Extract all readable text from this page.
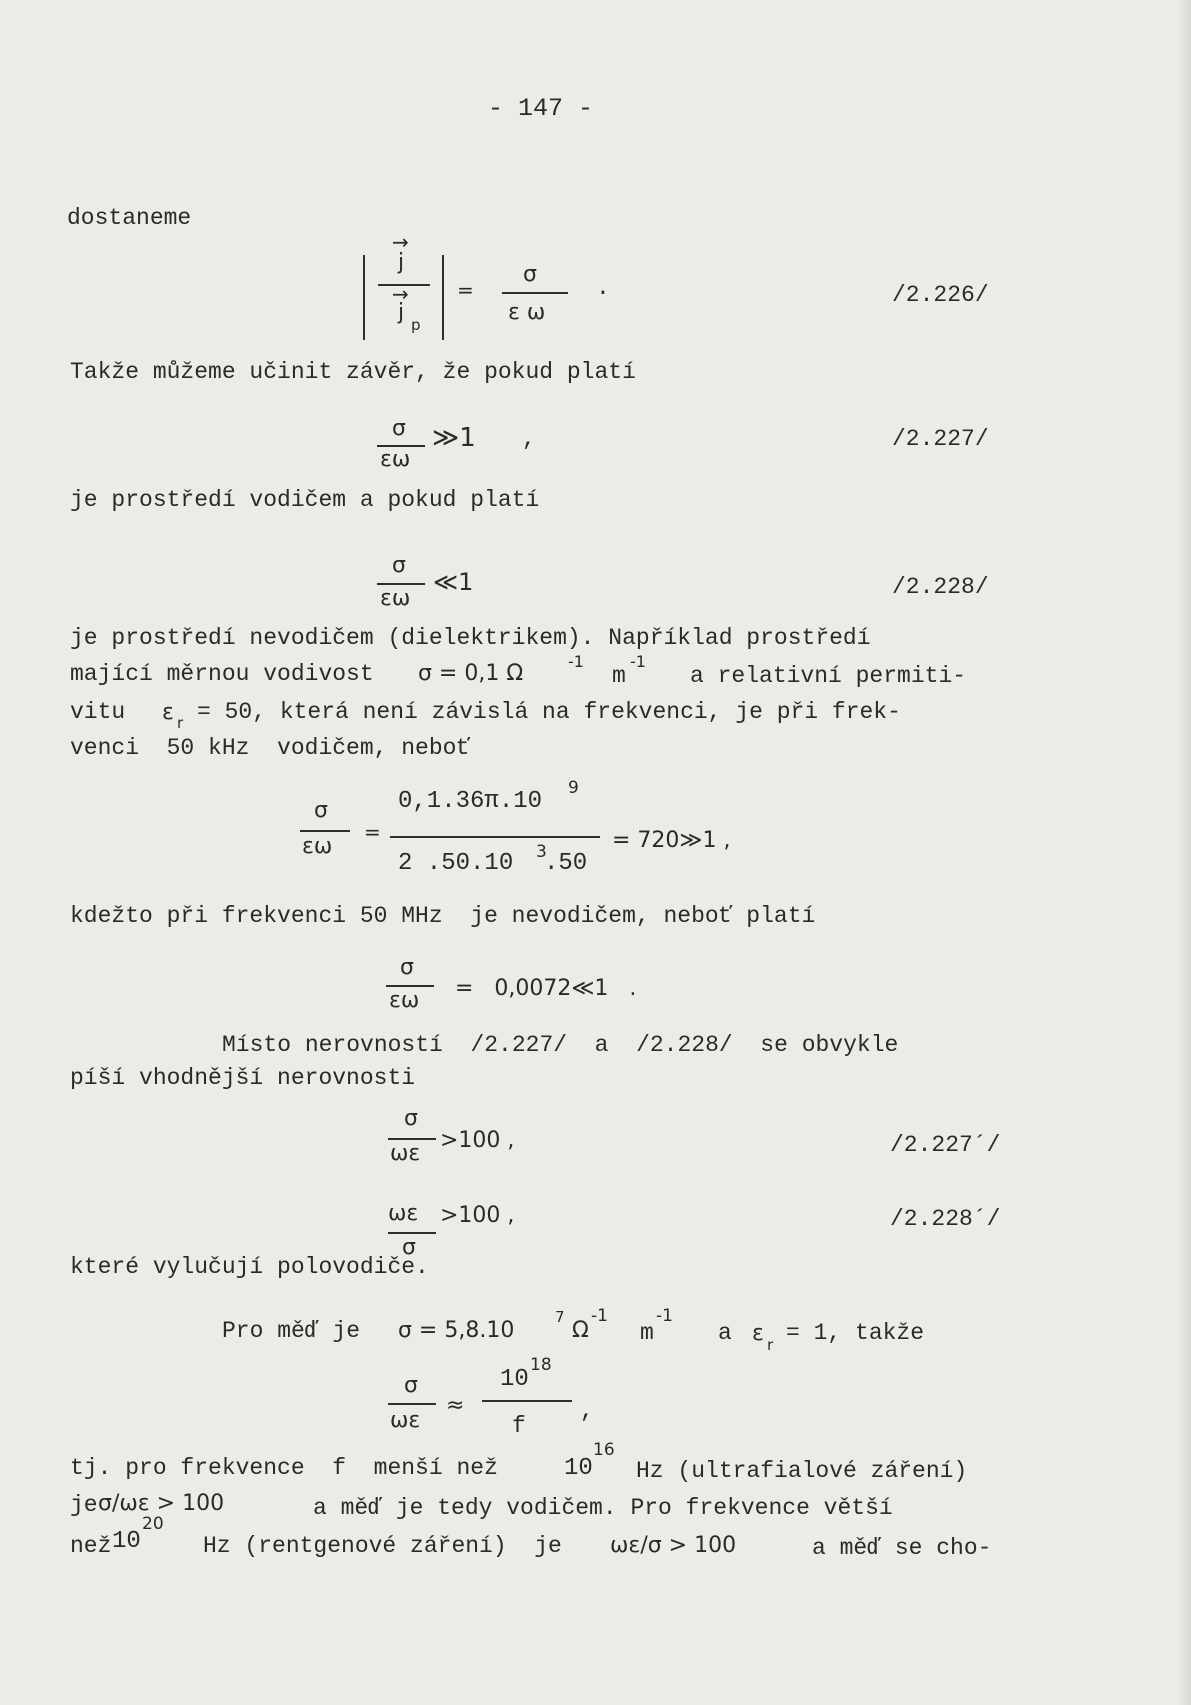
- 147 -
dostaneme
→
j
→
j p
=
σ
ε ω
.	/2.226/
Takže můžeme učinit závěr, že pokud platí
σ
εω
≫1 ,	/2.227/
je prostředí vodičem a pokud platí
σ
εω
≪1	/2.228/
je prostředí nevodičem (dielektrikem). Například prostředí
mající měrnou vodivost σ = 0,1 Ω	-1
m
-1
a relativní permiti-
vitu ε r = 50, která není závislá na frekvenci, je při frek-
venci  50 kHz  vodičem, neboť
σ
εω
=
0,1.36π.10 9
2 .50.10 3
.50
= 720≫1 ,
kdežto při frekvenci 50 MHz  je nevodičem, neboť platí
σ
εω =   0,0072≪1   .
Místo nerovností  /2.227/  a  /2.228/  se obvykle
píší vhodnější nerovnosti
σ
ωε
>100 ,	/2.227´/
ωε
σ
>100 ,	/2.228´/
které vylučují polovodiče.
Pro měď je σ = 5,8.10
7
Ω
-1
m
-1
a ε r = 1, takže
σ
ωε
≈
10
18
f
,
tj. pro frekvence  f  menší než	10
16
Hz (ultrafialové záření)
je σ/ωε > 100	a měď je tedy vodičem. Pro frekvence větší
než 10
20
Hz (rentgenové záření)  je ωε/σ > 100	a měď se cho-
